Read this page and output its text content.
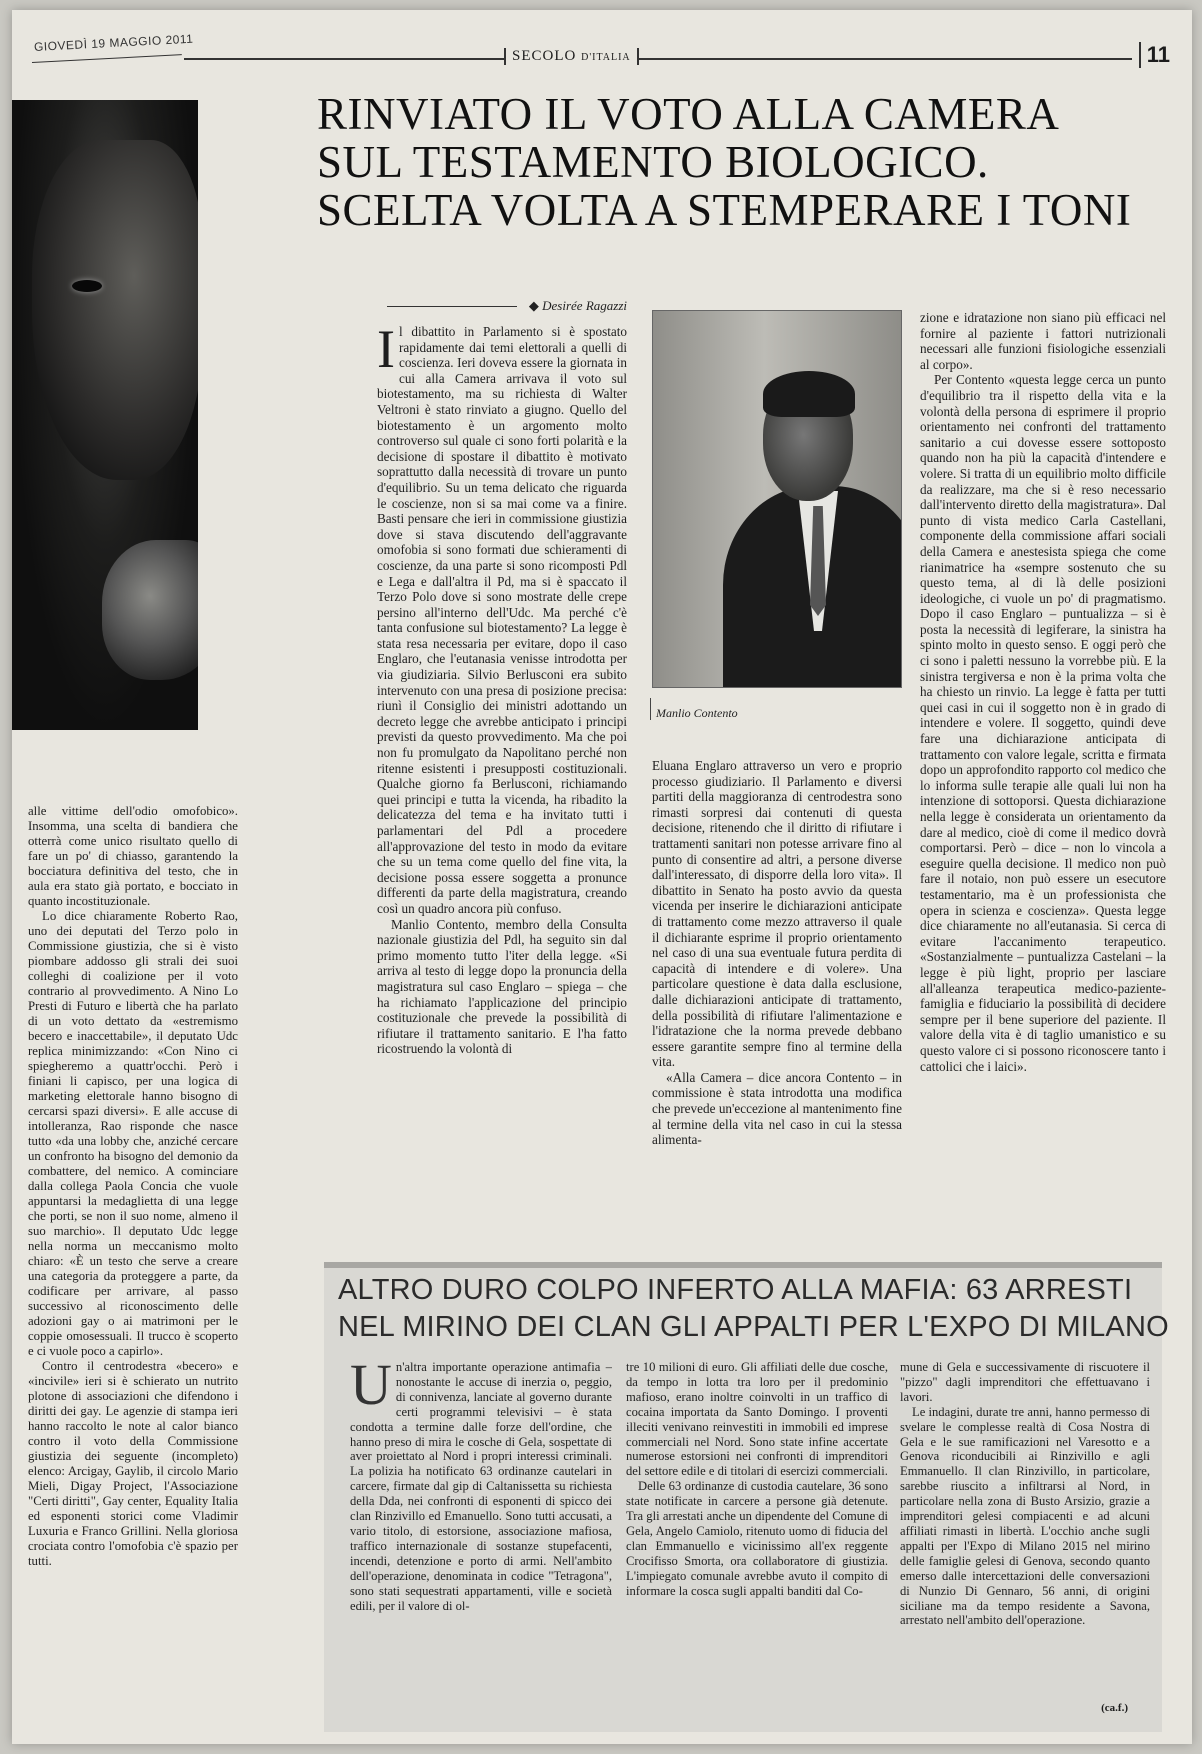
GIOVEDÌ 19 MAGGIO 2011
SECOLO D'ITALIA	11
RINVIATO IL VOTO ALLA CAMERA
SUL TESTAMENTO BIOLOGICO.
SCELTA VOLTA A STEMPERARE I TONI
◆ Desirée Ragazzi

Il dibattito in Parlamento si è spostato rapidamente dai temi elettorali a quelli di coscienza. Ieri doveva essere la giornata in cui alla Camera arrivava il voto sul biotestamento, ma su richiesta di Walter Veltroni è stato rinviato a giugno. Quello del biotestamento è un argomento molto controverso sul quale ci sono forti polarità e la decisione di spostare il dibattito è motivato soprattutto dalla necessità di trovare un punto d'equilibrio. Su un tema delicato che riguarda le coscienze, non si sa mai come va a finire. Basti pensare che ieri in commissione giustizia dove si stava discutendo dell'aggravante omofobia si sono formati due schieramenti di coscienze, da una parte si sono ricomposti Pdl e Lega e dall'altra il Pd, ma si è spaccato il Terzo Polo dove si sono mostrate delle crepe persino all'interno dell'Udc. Ma perché c'è tanta confusione sul biotestamento? La legge è stata resa necessaria per evitare, dopo il caso Englaro, che l'eutanasia venisse introdotta per via giudiziaria. Silvio Berlusconi era subito intervenuto con una presa di posizione precisa: riunì il Consiglio dei ministri adottando un decreto legge che avrebbe anticipato i principi previsti da questo provvedimento. Ma che poi non fu promulgato da Napolitano perché non ritenne esistenti i presupposti costituzionali. Qualche giorno fa Berlusconi, richiamando quei principi e tutta la vicenda, ha ribadito la delicatezza del tema e ha invitato tutti i parlamentari del Pdl a procedere all'approvazione del testo in modo da evitare che su un tema come quello del fine vita, la decisione possa essere soggetta a pronunce differenti da parte della magistratura, creando così un quadro ancora più confuso.

Manlio Contento, membro della Consulta nazionale giustizia del Pdl, ha seguito sin dal primo momento tutto l'iter della legge. «Si arriva al testo di legge dopo la pronuncia della magistratura sul caso Englaro – spiega – che ha richiamato l'applicazione del principio costituzionale che prevede la possibilità di rifiutare il trattamento sanitario. E l'ha fatto ricostruendo la volontà di

Manlio Contento

Eluana Englaro attraverso un vero e proprio processo giudiziario. Il Parlamento e diversi partiti della maggioranza di centrodestra sono rimasti sorpresi dai contenuti di questa decisione, ritenendo che il diritto di rifiutare i trattamenti sanitari non potesse arrivare fino al punto di consentire ad altri, a persone diverse dall'interessato, di disporre della loro vita». Il dibattito in Senato ha posto avvio da questa vicenda per inserire le dichiarazioni anticipate di trattamento come mezzo attraverso il quale il dichiarante esprime il proprio orientamento nel caso di una sua eventuale futura perdita di capacità di intendere e di volere». Una particolare questione è data dalla esclusione, dalle dichiarazioni anticipate di trattamento, della possibilità di rifiutare l'alimentazione e l'idratazione che la norma prevede debbano essere garantite sempre fino al termine della vita.

«Alla Camera – dice ancora Contento – in commissione è stata introdotta una modifica che prevede un'eccezione al mantenimento fine al termine della vita nel caso in cui la stessa alimenta-

zione e idratazione non siano più efficaci nel fornire al paziente i fattori nutrizionali necessari alle funzioni fisiologiche essenziali al corpo».

Per Contento «questa legge cerca un punto d'equilibrio tra il rispetto della vita e la volontà della persona di esprimere il proprio orientamento nei confronti del trattamento sanitario a cui dovesse essere sottoposto quando non ha più la capacità d'intendere e volere. Si tratta di un equilibrio molto difficile da realizzare, ma che si è reso necessario dall'intervento diretto della magistratura». Dal punto di vista medico Carla Castellani, componente della commissione affari sociali della Camera e anestesista spiega che come rianimatrice ha «sempre sostenuto che su questo tema, al di là delle posizioni ideologiche, ci vuole un po' di pragmatismo. Dopo il caso Englaro – puntualizza – si è posta la necessità di legiferare, la sinistra ha spinto molto in questo senso. E oggi però che ci sono i paletti nessuno la vorrebbe più. E la sinistra tergiversa e non è la prima volta che ha chiesto un rinvio. La legge è fatta per tutti quei casi in cui il soggetto non è in grado di intendere e volere. Il soggetto, quindi deve fare una dichiarazione anticipata di trattamento con valore legale, scritta e firmata dopo un approfondito rapporto col medico che lo informa sulle terapie alle quali lui non ha intenzione di sottoporsi. Questa dichiarazione nella legge è considerata un orientamento da dare al medico, cioè di come il medico dovrà comportarsi. Però – dice – non lo vincola a eseguire quella decisione. Il medico non può fare il notaio, non può essere un esecutore testamentario, ma è un professionista che opera in scienza e coscienza». Questa legge dice chiaramente no all'eutanasia. Si cerca di evitare l'accanimento terapeutico. «Sostanzialmente – puntualizza Castelani – la legge è più light, proprio per lasciare all'alleanza terapeutica medico-paziente-famiglia e fiduciario la possibilità di decidere sempre per il bene superiore del paziente. Il valore della vita è di taglio umanistico e su questo valore ci si possono riconoscere tanto i cattolici che i laici».

alle vittime dell'odio omofobico». Insomma, una scelta di bandiera che otterrà come unico risultato quello di fare un po' di chiasso, garantendo la bocciatura definitiva del testo, che in aula era stato già portato, e bocciato in quanto incostituzionale.

Lo dice chiaramente Roberto Rao, uno dei deputati del Terzo polo in Commissione giustizia, che si è visto piombare addosso gli strali dei suoi colleghi di coalizione per il voto contrario al provvedimento. A Nino Lo Presti di Futuro e libertà che ha parlato di un voto dettato da «estremismo becero e inaccettabile», il deputato Udc replica minimizzando: «Con Nino ci spiegheremo a quattr'occhi. Però i finiani li capisco, per una logica di marketing elettorale hanno bisogno di cercarsi spazi diversi». E alle accuse di intolleranza, Rao risponde che nasce tutto «da una lobby che, anziché cercare un confronto ha bisogno del demonio da combattere, del nemico. A cominciare dalla collega Paola Concia che vuole appuntarsi la medaglietta di una legge che porti, se non il suo nome, almeno il suo marchio». Il deputato Udc legge nella norma un meccanismo molto chiaro: «È un testo che serve a creare una categoria da proteggere a parte, da codificare per arrivare, al passo successivo al riconoscimento delle adozioni gay o ai matrimoni per le coppie omosessuali. Il trucco è scoperto e ci vuole poco a capirlo».

Contro il centrodestra «becero» e «incivile» ieri si è schierato un nutrito plotone di associazioni che difendono i diritti dei gay. Le agenzie di stampa ieri hanno raccolto le note al calor bianco contro il voto della Commissione giustizia dei seguente (incompleto) elenco: Arcigay, Gaylib, il circolo Mario Mieli, Digay Project, l'Associazione "Certi diritti", Gay center, Equality Italia ed esponenti storici come Vladimir Luxuria e Franco Grillini. Nella gloriosa crociata contro l'omofobia c'è spazio per tutti.

(ca.f.)
ALTRO DURO COLPO INFERTO ALLA MAFIA: 63 ARRESTI
NEL MIRINO DEI CLAN GLI APPALTI PER L'EXPO DI MILANO

Un'altra importante operazione antimafia – nonostante le accuse di inerzia o, peggio, di connivenza, lanciate al governo durante certi programmi televisivi – è stata condotta a termine dalle forze dell'ordine, che hanno preso di mira le cosche di Gela, sospettate di aver proiettato al Nord i propri interessi criminali. La polizia ha notificato 63 ordinanze cautelari in carcere, firmate dal gip di Caltanissetta su richiesta della Dda, nei confronti di esponenti di spicco dei clan Rinzivillo ed Emanuello. Sono tutti accusati, a vario titolo, di estorsione, associazione mafiosa, traffico internazionale di sostanze stupefacenti, incendi, detenzione e porto di armi. Nell'ambito dell'operazione, denominata in codice "Tetragona", sono stati sequestrati appartamenti, ville e società edili, per il valore di ol-

tre 10 milioni di euro. Gli affiliati delle due cosche, da tempo in lotta tra loro per il predominio mafioso, erano inoltre coinvolti in un traffico di cocaina importata da Santo Domingo. I proventi illeciti venivano reinvestiti in immobili ed imprese commerciali nel Nord. Sono state infine accertate numerose estorsioni nei confronti di imprenditori del settore edile e di titolari di esercizi commerciali.

Delle 63 ordinanze di custodia cautelare, 36 sono state notificate in carcere a persone già detenute. Tra gli arrestati anche un dipendente del Comune di Gela, Angelo Camiolo, ritenuto uomo di fiducia del clan Emmanuello e vicinissimo all'ex reggente Crocifisso Smorta, ora collaboratore di giustizia. L'impiegato comunale avrebbe avuto il compito di informare la cosca sugli appalti banditi dal Co-

mune di Gela e successivamente di riscuotere il "pizzo" dagli imprenditori che effettuavano i lavori.

Le indagini, durate tre anni, hanno permesso di svelare le complesse realtà di Cosa Nostra di Gela e le sue ramificazioni nel Varesotto e a Genova riconducibili ai Rinzivillo e agli Emmanuello. Il clan Rinzivillo, in particolare, sarebbe riuscito a infiltrarsi al Nord, in particolare nella zona di Busto Arsizio, grazie a imprenditori gelesi compiacenti e ad alcuni affiliati rimasti in libertà. L'occhio anche sugli appalti per l'Expo di Milano 2015 nel mirino delle famiglie gelesi di Genova, secondo quanto emerso dalle intercettazioni delle conversazioni di Nunzio Di Gennaro, 56 anni, di origini siciliane ma da tempo residente a Savona, arrestato nell'ambito dell'operazione.
